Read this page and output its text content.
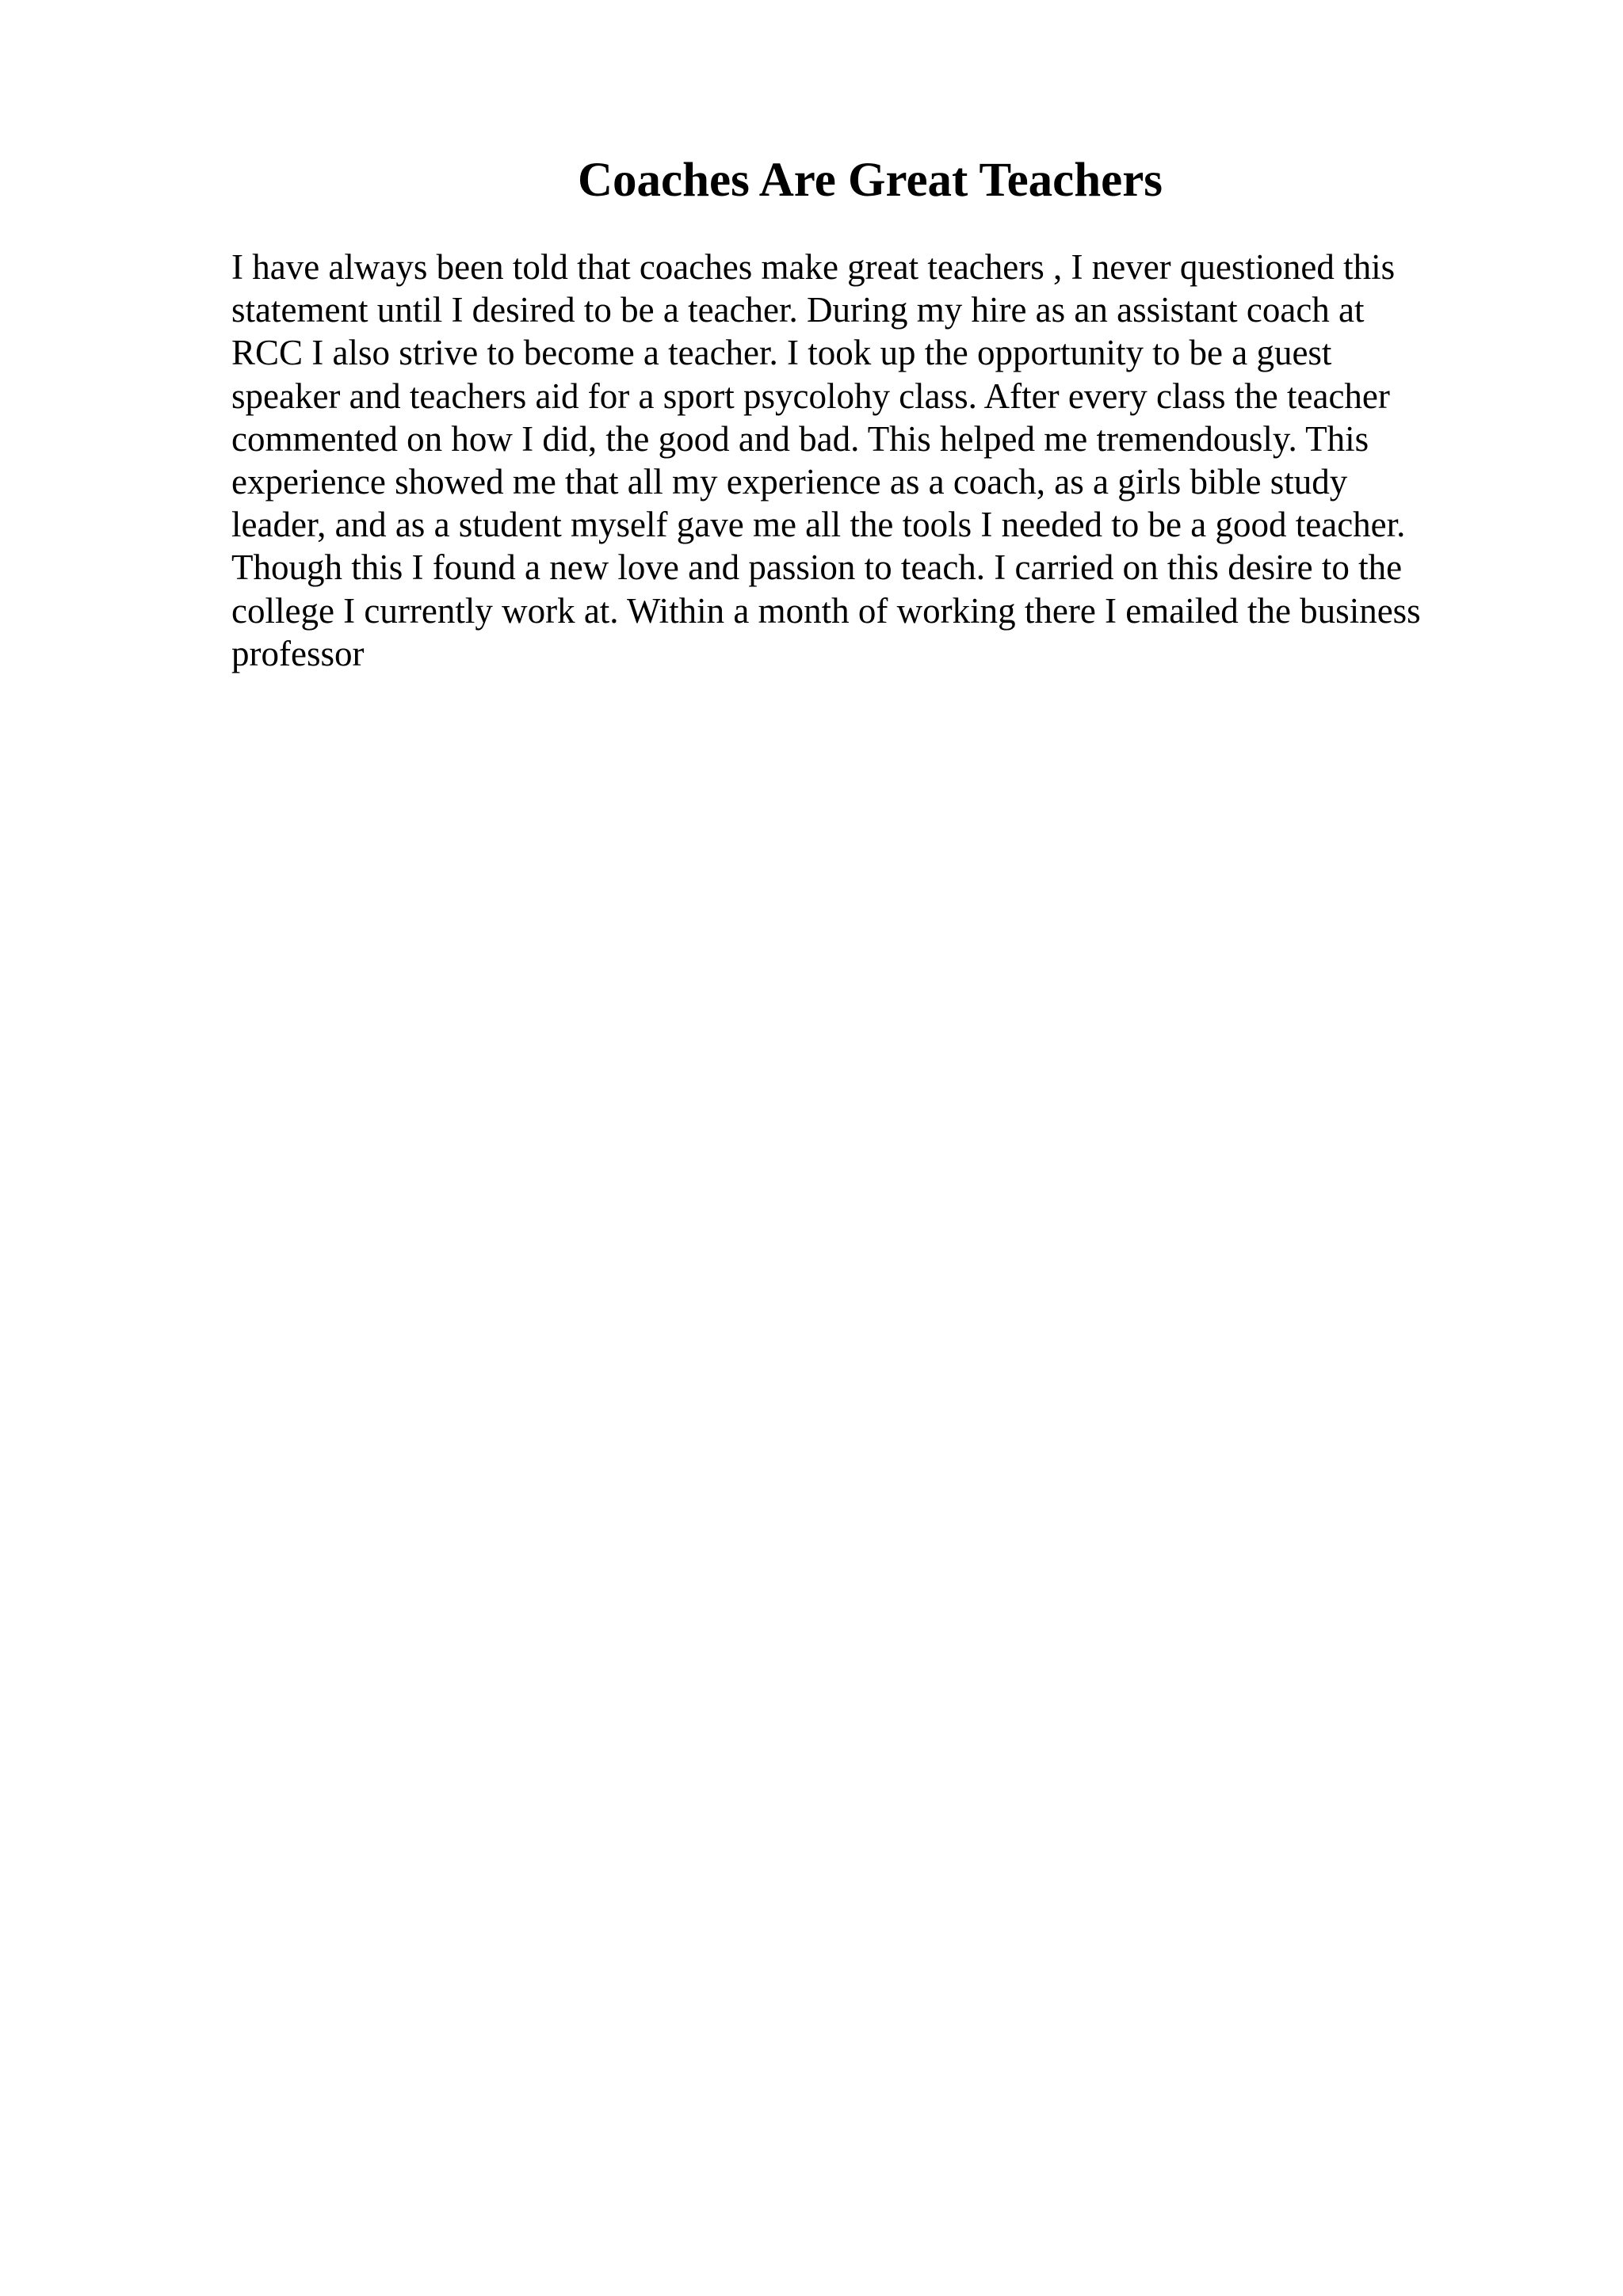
Coaches Are Great Teachers
I have always been told that coaches make great teachers , I never questioned this
statement until I desired to be a teacher. During my hire as an assistant coach at
RCC I also strive to become a teacher. I took up the opportunity to be a guest
speaker and teachers aid for a sport psycolohy class. After every class the teacher
commented on how I did, the good and bad. This helped me tremendously. This
experience showed me that all my experience as a coach, as a girls bible study
leader, and as a student myself gave me all the tools I needed to be a good teacher.
Though this I found a new love and passion to teach. I carried on this desire to the
college I currently work at. Within a month of working there I emailed the business
professor
